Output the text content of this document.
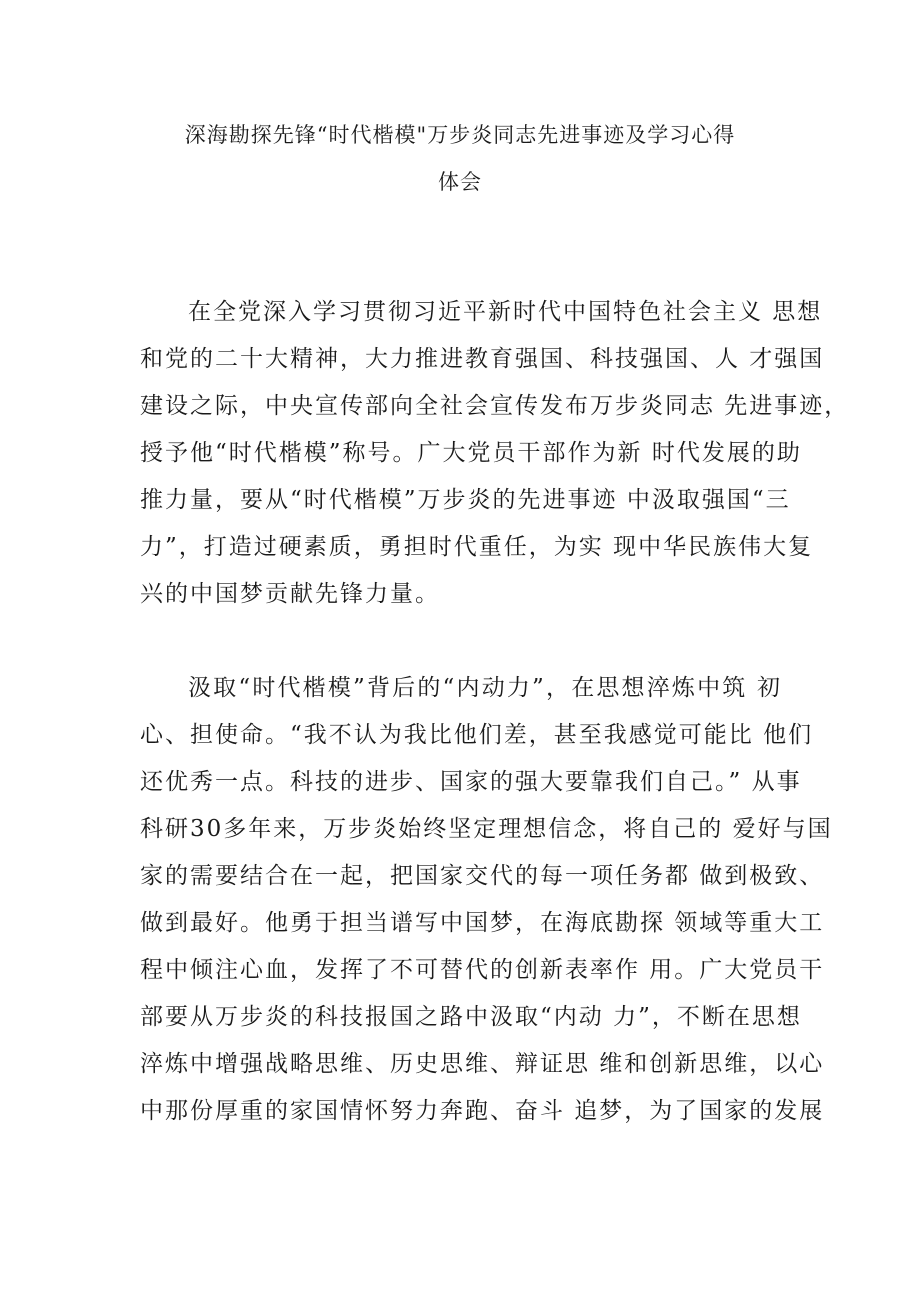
深海勘探先锋“时代楷模"万步炎同志先进事迹及学习心得
体会
在全党深入学习贯彻习近平新时代中国特色社会主义 思想
和党的二十大精神，大力推进教育强国、科技强国、人 才强国
建设之际，中央宣传部向全社会宣传发布万步炎同志 先进事迹，
授予他“时代楷模”称号。广大党员干部作为新 时代发展的助
推力量，要从“时代楷模”万步炎的先进事迹 中汲取强国“三
力”，打造过硬素质，勇担时代重任，为实 现中华民族伟大复
兴的中国梦贡献先锋力量。
汲取“时代楷模”背后的“内动力”，在思想淬炼中筑 初
心、担使命。“我不认为我比他们差，甚至我感觉可能比 他们
还优秀一点。科技的进步、国家的强大要靠我们自己。” 从事
科研30多年来，万步炎始终坚定理想信念，将自己的 爱好与国
家的需要结合在一起，把国家交代的每一项任务都 做到极致、
做到最好。他勇于担当谱写中国梦，在海底勘探 领域等重大工
程中倾注心血，发挥了不可替代的创新表率作 用。广大党员干
部要从万步炎的科技报国之路中汲取“内动 力”，不断在思想
淬炼中增强战略思维、历史思维、辩证思 维和创新思维，以心
中那份厚重的家国情怀努力奔跑、奋斗 追梦，为了国家的发展
